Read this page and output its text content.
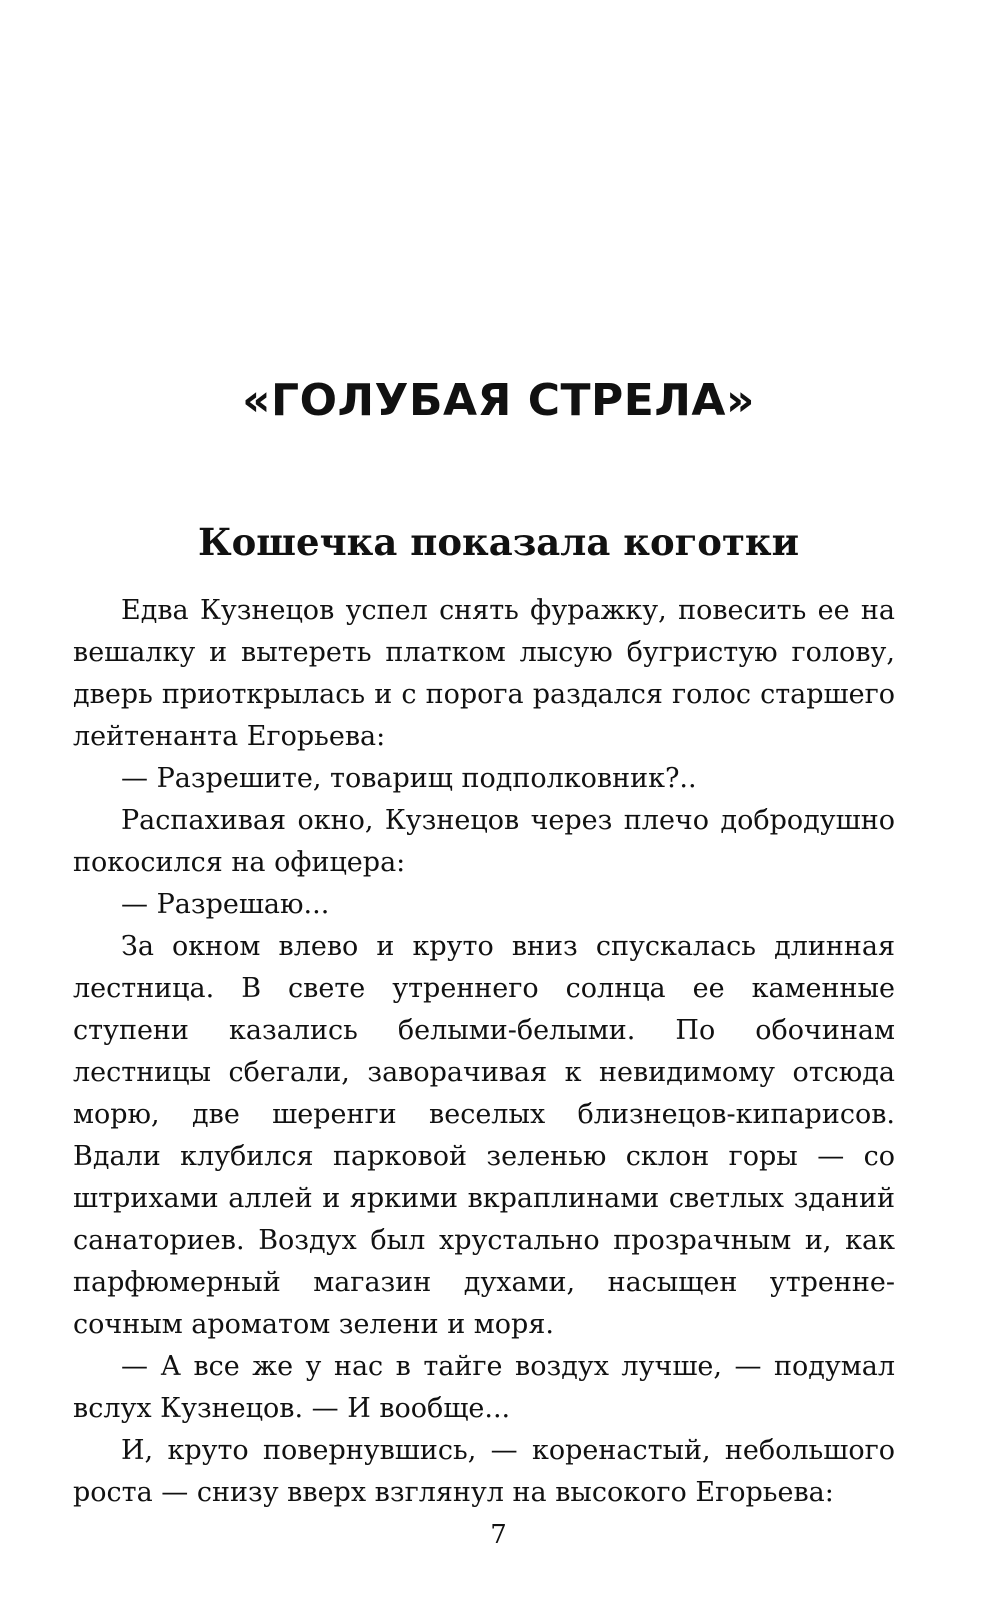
«ГОЛУБАЯ СТРЕЛА»
Кошечка показала коготки

Едва Кузнецов успел снять фуражку, повесить ее на вешалку и вытереть платком лысую бугристую голову, дверь приоткрылась и с порога раздался голос старшего лейтенанта Егорьева:

— Разрешите, товарищ подполковник?..

Распахивая окно, Кузнецов через плечо добродушно покосился на офицера:

— Разрешаю...

За окном влево и круто вниз спускалась длинная лестница. В свете утреннего солнца ее каменные ступени казались белыми-белыми. По обочинам лестницы сбегали, заворачивая к невидимому отсюда морю, две шеренги веселых близнецов-кипарисов. Вдали клубился парковой зеленью склон горы — со штрихами аллей и яркими вкраплинами светлых зданий санаториев. Воздух был хрустально прозрачным и, как парфюмерный магазин духами, насыщен утренне-сочным ароматом зелени и моря.

— А все же у нас в тайге воздух лучше, — подумал вслух Кузнецов. — И вообще...

И, круто повернувшись, — коренастый, небольшого роста — снизу вверх взглянул на высокого Егорьева:

7
